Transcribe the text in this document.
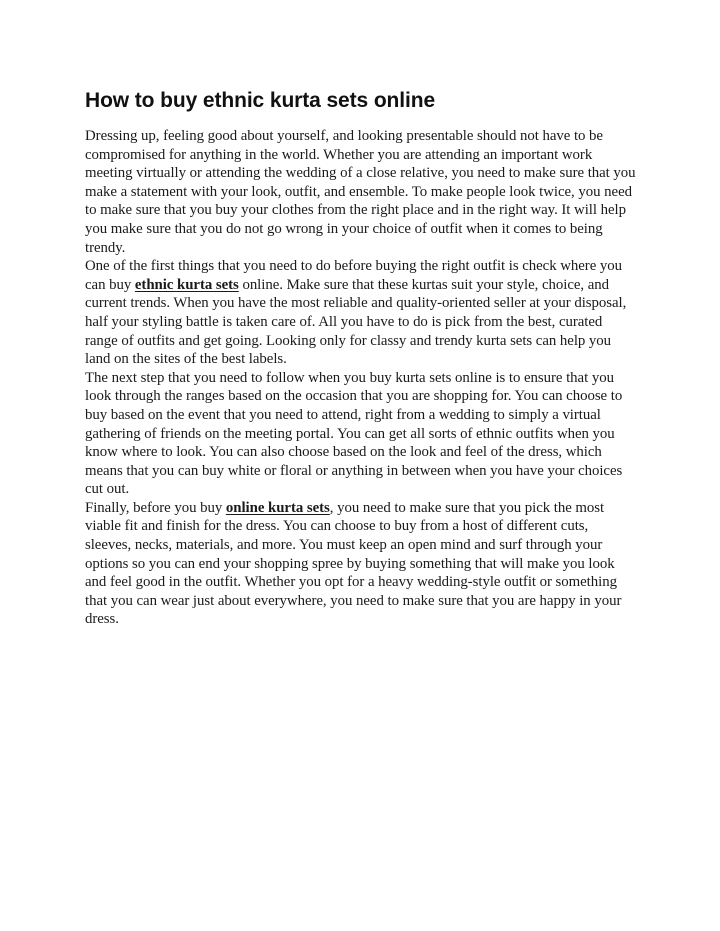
How to buy ethnic kurta sets online

Dressing up, feeling good about yourself, and looking presentable should not have to be compromised for anything in the world. Whether you are attending an important work meeting virtually or attending the wedding of a close relative, you need to make sure that you make a statement with your look, outfit, and ensemble. To make people look twice, you need to make sure that you buy your clothes from the right place and in the right way. It will help you make sure that you do not go wrong in your choice of outfit when it comes to being trendy.

One of the first things that you need to do before buying the right outfit is check where you can buy ethnic kurta sets online. Make sure that these kurtas suit your style, choice, and current trends. When you have the most reliable and quality-oriented seller at your disposal, half your styling battle is taken care of. All you have to do is pick from the best, curated range of outfits and get going. Looking only for classy and trendy kurta sets can help you land on the sites of the best labels.

The next step that you need to follow when you buy kurta sets online is to ensure that you look through the ranges based on the occasion that you are shopping for. You can choose to buy based on the event that you need to attend, right from a wedding to simply a virtual gathering of friends on the meeting portal. You can get all sorts of ethnic outfits when you know where to look. You can also choose based on the look and feel of the dress, which means that you can buy white or floral or anything in between when you have your choices cut out.

Finally, before you buy online kurta sets, you need to make sure that you pick the most viable fit and finish for the dress. You can choose to buy from a host of different cuts, sleeves, necks, materials, and more. You must keep an open mind and surf through your options so you can end your shopping spree by buying something that will make you look and feel good in the outfit. Whether you opt for a heavy wedding-style outfit or something that you can wear just about everywhere, you need to make sure that you are happy in your dress.
